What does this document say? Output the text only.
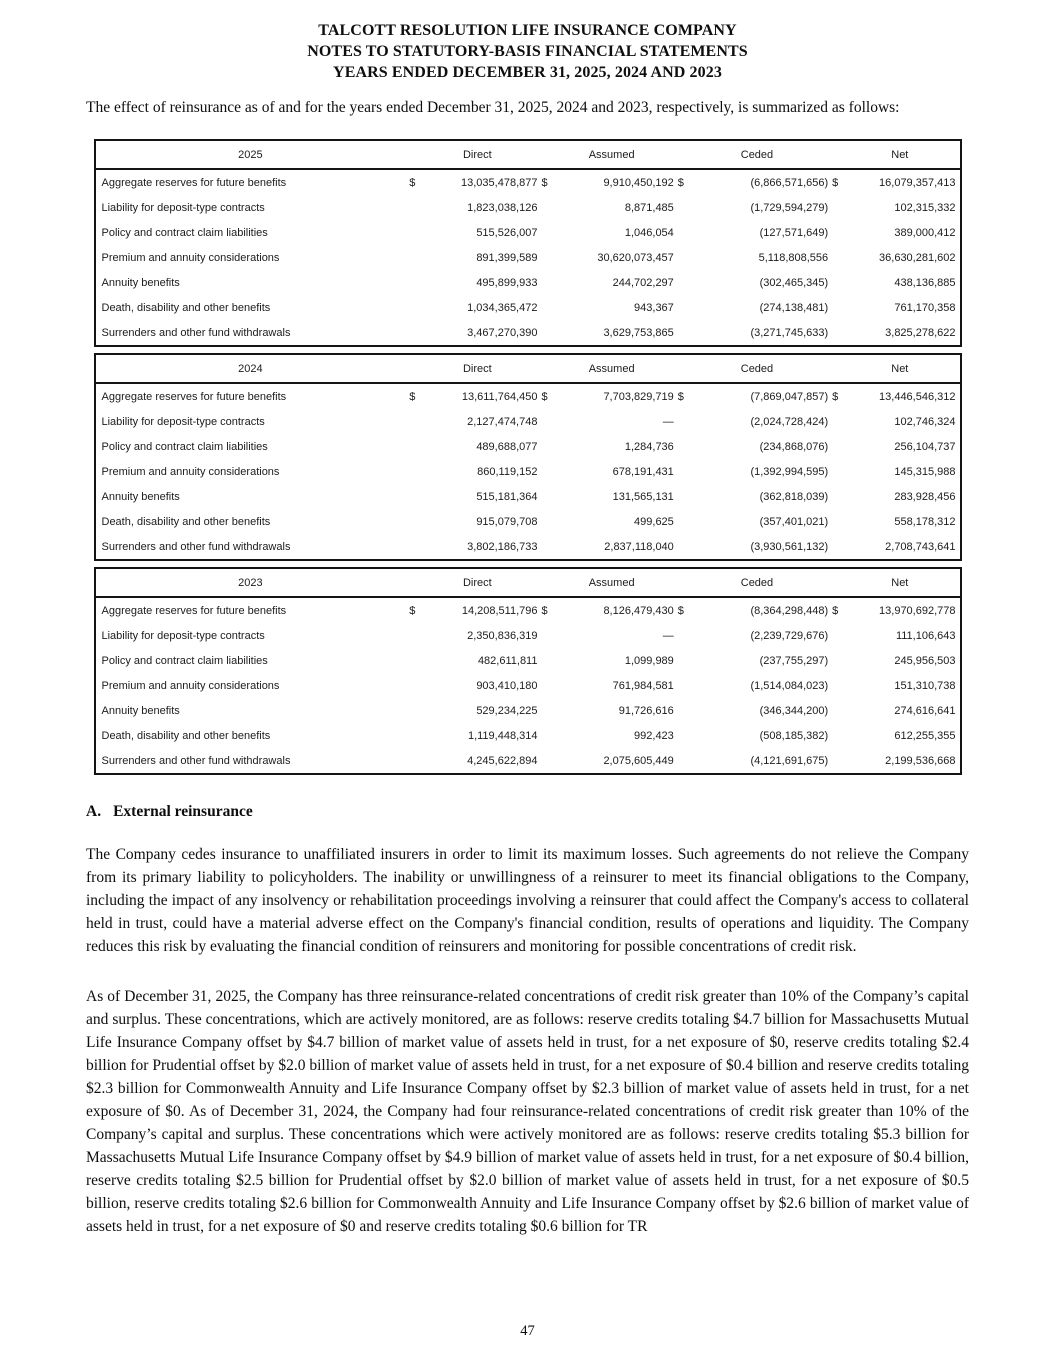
TALCOTT RESOLUTION LIFE INSURANCE COMPANY
NOTES TO STATUTORY-BASIS FINANCIAL STATEMENTS
YEARS ENDED DECEMBER 31, 2025, 2024 AND 2023
The effect of reinsurance as of and for the years ended December 31, 2025, 2024 and 2023, respectively, is summarized as follows:
2025	Direct		Assumed		Ceded		Net	
Aggregate reserves for future benefits	$	13,035,478,877	$	9,910,450,192	$	(6,866,571,656)	$	16,079,357,413
Liability for deposit-type contracts		1,823,038,126		8,871,485		(1,729,594,279)		102,315,332
Policy and contract claim liabilities		515,526,007		1,046,054		(127,571,649)		389,000,412
Premium and annuity considerations		891,399,589		30,620,073,457		5,118,808,556		36,630,281,602
Annuity benefits		495,899,933		244,702,297		(302,465,345)		438,136,885
Death, disability and other benefits		1,034,365,472		943,367		(274,138,481)		761,170,358
Surrenders and other fund withdrawals		3,467,270,390		3,629,753,865		(3,271,745,633)		3,825,278,622
2024	Direct		Assumed		Ceded		Net	
Aggregate reserves for future benefits	$	13,611,764,450	$	7,703,829,719	$	(7,869,047,857)	$	13,446,546,312
Liability for deposit-type contracts		2,127,474,748		—		(2,024,728,424)		102,746,324
Policy and contract claim liabilities		489,688,077		1,284,736		(234,868,076)		256,104,737
Premium and annuity considerations		860,119,152		678,191,431		(1,392,994,595)		145,315,988
Annuity benefits		515,181,364		131,565,131		(362,818,039)		283,928,456
Death, disability and other benefits		915,079,708		499,625		(357,401,021)		558,178,312
Surrenders and other fund withdrawals		3,802,186,733		2,837,118,040		(3,930,561,132)		2,708,743,641
2023	Direct		Assumed		Ceded		Net	
Aggregate reserves for future benefits	$	14,208,511,796	$	8,126,479,430	$	(8,364,298,448)	$	13,970,692,778
Liability for deposit-type contracts		2,350,836,319		—		(2,239,729,676)		111,106,643
Policy and contract claim liabilities		482,611,811		1,099,989		(237,755,297)		245,956,503
Premium and annuity considerations		903,410,180		761,984,581		(1,514,084,023)		151,310,738
Annuity benefits		529,234,225		91,726,616		(346,344,200)		274,616,641
Death, disability and other benefits		1,119,448,314		992,423		(508,185,382)		612,255,355
Surrenders and other fund withdrawals		4,245,622,894		2,075,605,449		(4,121,691,675)		2,199,536,668
A. External reinsurance
The Company cedes insurance to unaffiliated insurers in order to limit its maximum losses. Such agreements do not relieve the Company from its primary liability to policyholders. The inability or unwillingness of a reinsurer to meet its financial obligations to the Company, including the impact of any insolvency or rehabilitation proceedings involving a reinsurer that could affect the Company's access to collateral held in trust, could have a material adverse effect on the Company's financial condition, results of operations and liquidity. The Company reduces this risk by evaluating the financial condition of reinsurers and monitoring for possible concentrations of credit risk.
As of December 31, 2025, the Company has three reinsurance-related concentrations of credit risk greater than 10% of the Company’s capital and surplus. These concentrations, which are actively monitored, are as follows: reserve credits totaling $4.7 billion for Massachusetts Mutual Life Insurance Company offset by $4.7 billion of market value of assets held in trust, for a net exposure of $0, reserve credits totaling $2.4 billion for Prudential offset by $2.0 billion of market value of assets held in trust, for a net exposure of $0.4 billion and reserve credits totaling $2.3 billion for Commonwealth Annuity and Life Insurance Company offset by $2.3 billion of market value of assets held in trust, for a net exposure of $0. As of December 31, 2024, the Company had four reinsurance-related concentrations of credit risk greater than 10% of the Company’s capital and surplus. These concentrations which were actively monitored are as follows: reserve credits totaling $5.3 billion for Massachusetts Mutual Life Insurance Company offset by $4.9 billion of market value of assets held in trust, for a net exposure of $0.4 billion, reserve credits totaling $2.5 billion for Prudential offset by $2.0 billion of market value of assets held in trust, for a net exposure of $0.5 billion, reserve credits totaling $2.6 billion for Commonwealth Annuity and Life Insurance Company offset by $2.6 billion of market value of assets held in trust, for a net exposure of $0 and reserve credits totaling $0.6 billion for TR
47
